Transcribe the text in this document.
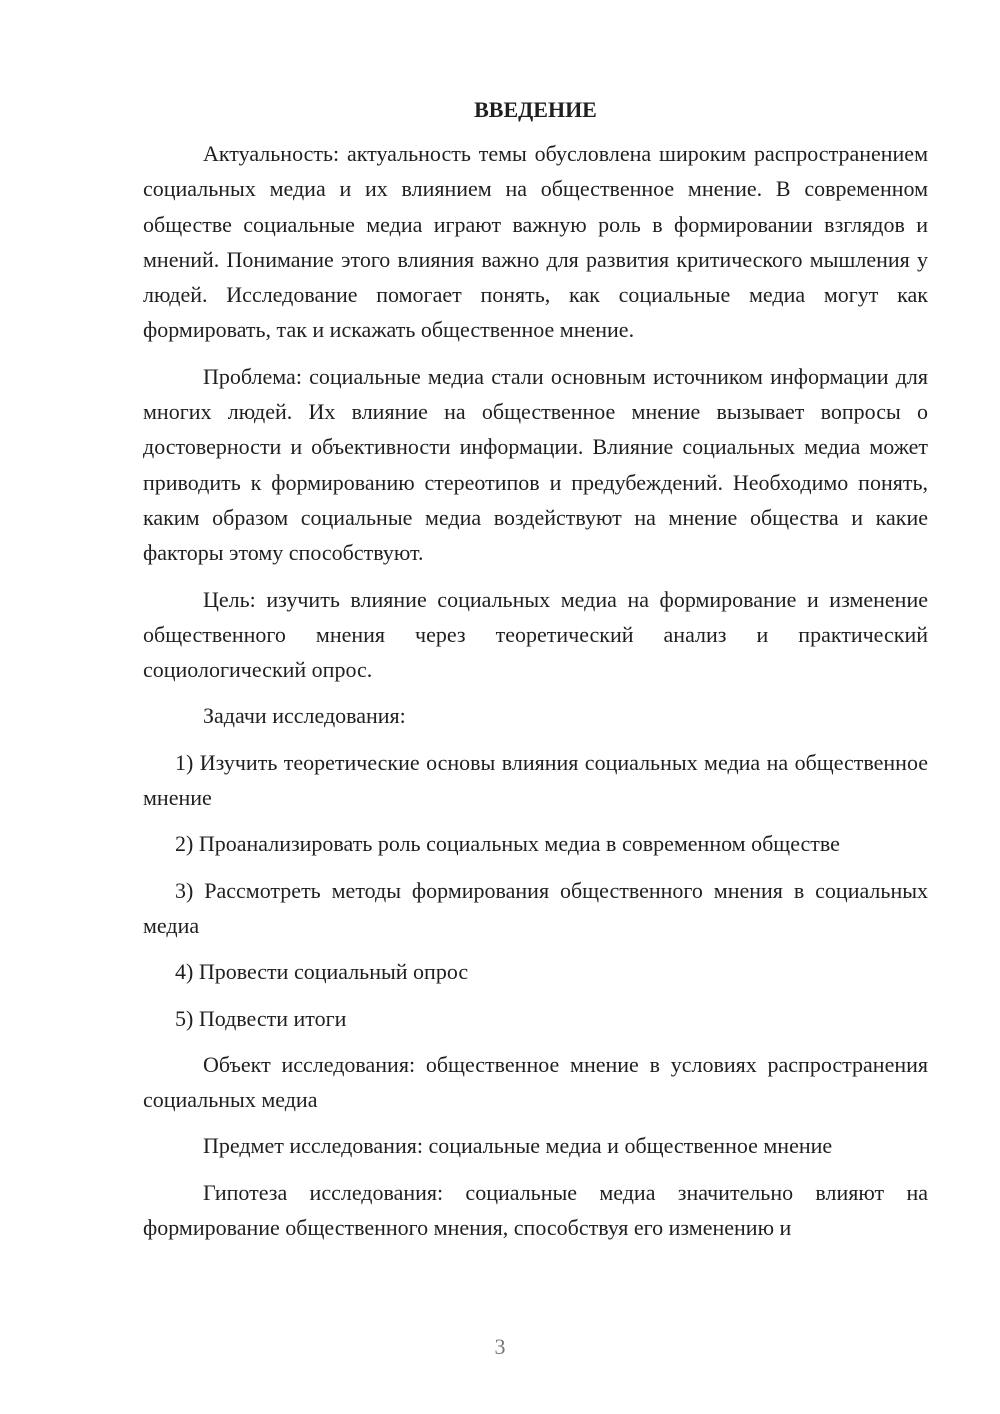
ВВЕДЕНИЕ

Актуальность: актуальность темы обусловлена широким распространением социальных медиа и их влиянием на общественное мнение. В современном обществе социальные медиа играют важную роль в формировании взглядов и мнений. Понимание этого влияния важно для развития критического мышления у людей. Исследование помогает понять, как социальные медиа могут как формировать, так и искажать общественное мнение.

Проблема: социальные медиа стали основным источником информации для многих людей. Их влияние на общественное мнение вызывает вопросы о достоверности и объективности информации. Влияние социальных медиа может приводить к формированию стереотипов и предубеждений. Необходимо понять, каким образом социальные медиа воздействуют на мнение общества и какие факторы этому способствуют.

Цель: изучить влияние социальных медиа на формирование и изменение общественного мнения через теоретический анализ и практический социологический опрос.

Задачи исследования:

1) Изучить теоретические основы влияния социальных медиа на общественное мнение

2) Проанализировать роль социальных медиа в современном обществе

3) Рассмотреть методы формирования общественного мнения в социальных медиа

4) Провести социальный опрос

5) Подвести итоги

Объект исследования: общественное мнение в условиях распространения социальных медиа

Предмет исследования: социальные медиа и общественное мнение

Гипотеза исследования: социальные медиа значительно влияют на формирование общественного мнения, способствуя его изменению и

3
